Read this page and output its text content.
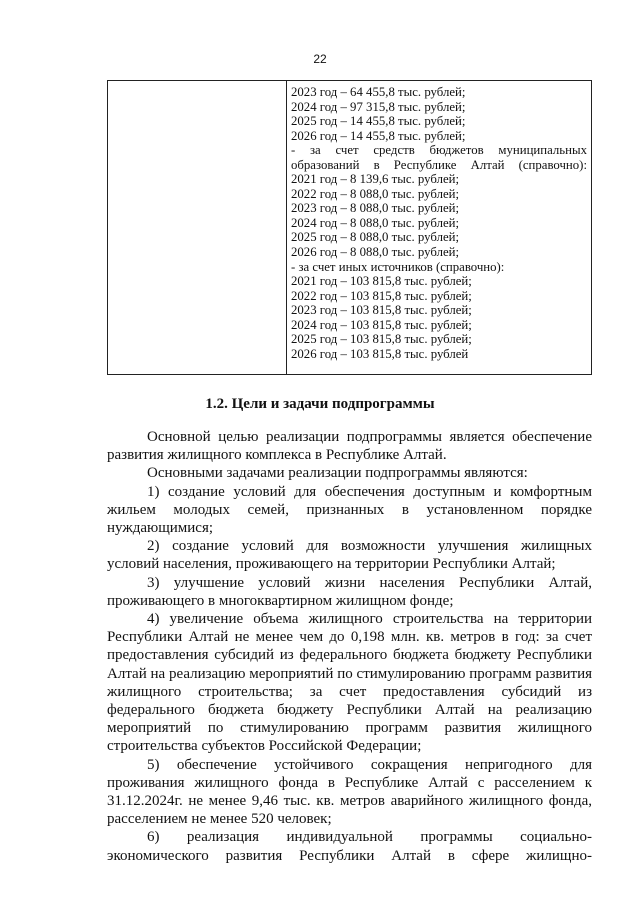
22
2023 год – 64 455,8 тыс. рублей;
2024 год – 97 315,8 тыс. рублей;
2025 год – 14 455,8 тыс. рублей;
2026 год – 14 455,8 тыс. рублей;
- за счет средств бюджетов муниципальных образований в Республике Алтай (справочно):
2021 год – 8 139,6 тыс. рублей;
2022 год – 8 088,0 тыс. рублей;
2023 год – 8 088,0 тыс. рублей;
2024 год – 8 088,0 тыс. рублей;
2025 год – 8 088,0 тыс. рублей;
2026 год – 8 088,0 тыс. рублей;
- за счет иных источников (справочно):
2021 год – 103 815,8 тыс. рублей;
2022 год – 103 815,8 тыс. рублей;
2023 год – 103 815,8 тыс. рублей;
2024 год – 103 815,8 тыс. рублей;
2025 год – 103 815,8 тыс. рублей;
2026 год – 103 815,8 тыс. рублей
1.2. Цели и задачи подпрограммы

Основной целью реализации подпрограммы является обеспечение развития жилищного комплекса в Республике Алтай.

Основными задачами реализации подпрограммы являются:

1) создание условий для обеспечения доступным и комфортным жильем молодых семей, признанных в установленном порядке нуждающимися;

2) создание условий для возможности улучшения жилищных условий населения, проживающего на территории Республики Алтай;

3) улучшение условий жизни населения Республики Алтай, проживающего в многоквартирном жилищном фонде;

4) увеличение объема жилищного строительства на территории Республики Алтай не менее чем до 0,198 млн. кв. метров в год: за счет предоставления субсидий из федерального бюджета бюджету Республики Алтай на реализацию мероприятий по стимулированию программ развития жилищного строительства; за счет предоставления субсидий из федерального бюджета бюджету Республики Алтай на реализацию мероприятий по стимулированию программ развития жилищного строительства субъектов Российской Федерации;

5) обеспечение устойчивого сокращения непригодного для проживания жилищного фонда в Республике Алтай с расселением к 31.12.2024г. не менее 9,46 тыс. кв. метров аварийного жилищного фонда, расселением не менее 520 человек;

6) реализация индивидуальной программы социально-экономического развития Республики Алтай в сфере жилищно-
